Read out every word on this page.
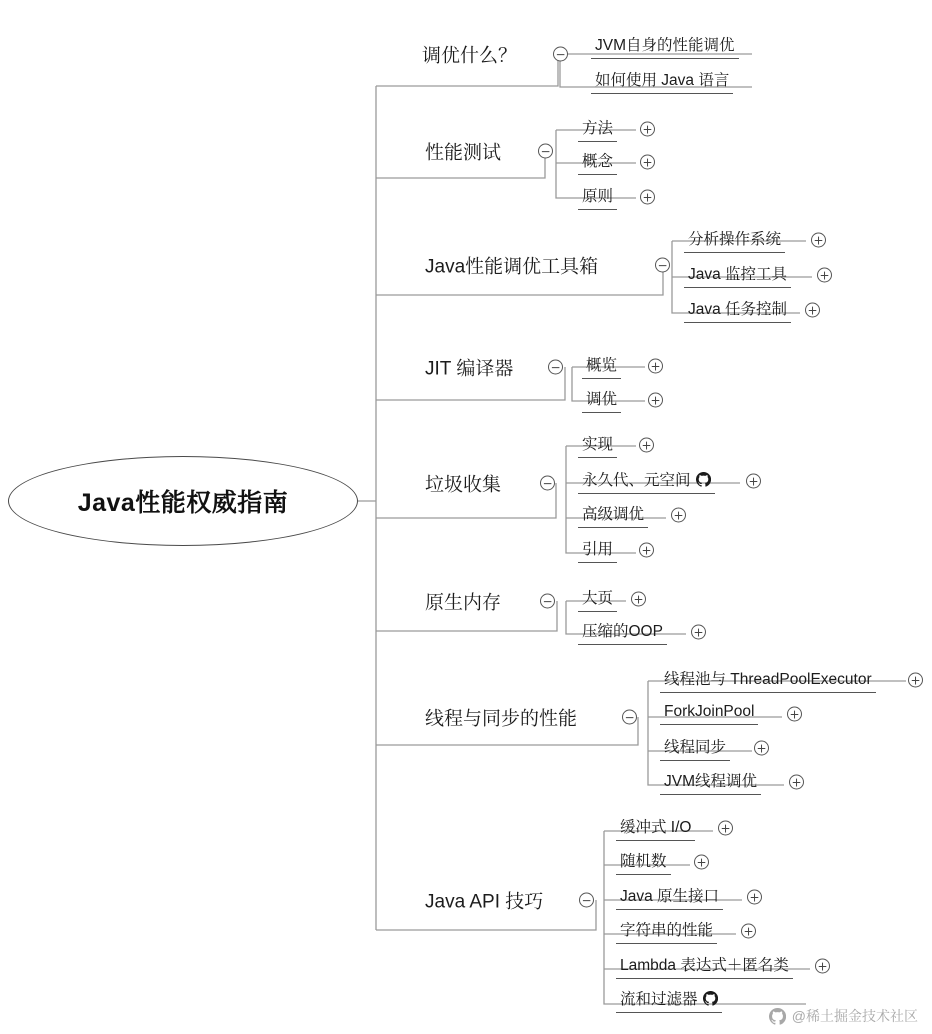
Java性能权威指南
调优什么？	− JVM自身的性能调优
如何使用 Java 语言
性能测试	−
方法 +
概念 +
原则 +
Java性能调优工具箱	−
分析操作系统	+
Java 监控工具	+
Java 任务控制 +
JIT 编译器	− 概览	+
调优	+
垃圾收集	−
实现 +
永久代、元空间	+
高级调优 +
引用 +
原生内存	− 大页 +
压缩的OOP	+
线程与同步的性能	−
线程池与 ThreadPoolExecutor	+
ForkJoinPool	+
线程同步	+
JVM线程调优	+
Java API 技巧	−
缓冲式 I/O +
随机数 +
Java 原生接口	+
字符串的性能	+
Lambda 表达式＋匿名类 +
流和过滤器
@稀土掘金技术社区
